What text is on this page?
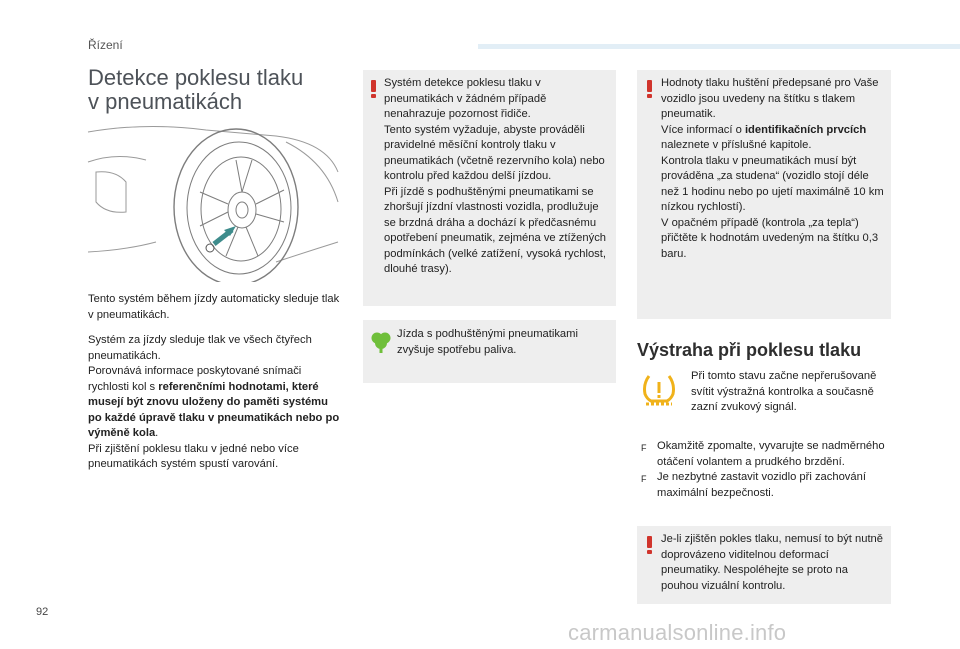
Řízení
Detekce poklesu tlaku
v pneumatikách
Tento systém během jízdy automaticky sleduje tlak v pneumatikách.
Systém za jízdy sleduje tlak ve všech čtyřech pneumatikách.
Porovnává informace poskytované snímači rychlosti kol s referenčními hodnotami, které musejí být znovu uloženy do paměti systému po každé úpravě tlaku v pneumatikách nebo po výměně kola.
Při zjištění poklesu tlaku v jedné nebo více pneumatikách systém spustí varování.

Systém detekce poklesu tlaku v pneumatikách v žádném případě nenahrazuje pozornost řidiče.

Tento systém vyžaduje, abyste prováděli pravidelné měsíční kontroly tlaku v pneumatikách (včetně rezervního kola) nebo kontrolu před každou delší jízdou.

Při jízdě s podhuštěnými pneumatikami se zhoršují jízdní vlastnosti vozidla, prodlužuje se brzdná dráha a dochází k předčasnému opotřebení pneumatik, zejména ve ztížených podmínkách (velké zatížení, vysoká rychlost, dlouhé trasy).

Jízda s podhuštěnými pneumatikami zvyšuje spotřebu paliva.

Hodnoty tlaku huštění předepsané pro Vaše vozidlo jsou uvedeny na štítku s tlakem pneumatik.

Více informací o identifikačních prvcích naleznete v příslušné kapitole.

Kontrola tlaku v pneumatikách musí být prováděna „za studena“ (vozidlo stojí déle než 1 hodinu nebo po ujetí maximálně 10 km nízkou rychlostí).

V opačném případě (kontrola „za tepla“) přičtěte k hodnotám uvedeným na štítku 0,3 baru.

Výstraha při poklesu tlaku
Při tomto stavu začne nepřerušovaně svítit výstražná kontrolka a současně zazní zvukový signál.
F Okamžitě zpomalte, vyvarujte se nadměrného otáčení volantem a prudkého brzdění.
F Je nezbytné zastavit vozidlo při zachování maximální bezpečnosti.

Je-li zjištěn pokles tlaku, nemusí to být nutně doprovázeno viditelnou deformací pneumatiky. Nespoléhejte se proto na pouhou vizuální kontrolu.

92
carmanualsonline.info
